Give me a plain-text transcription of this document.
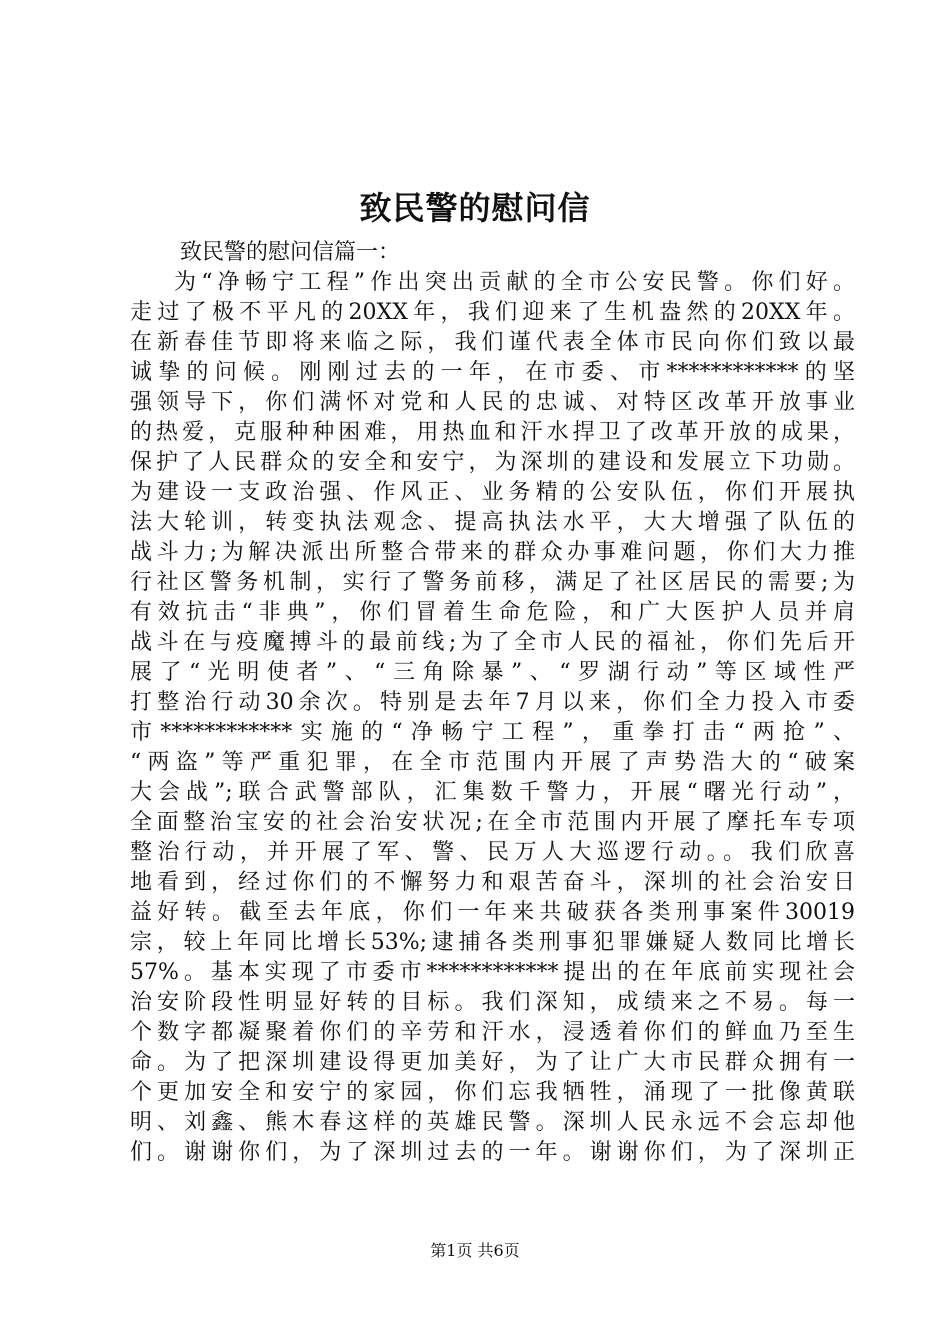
致民警的慰问信
致民警的慰问信篇一：
为“净畅宁工程”作出突出贡献的全市公安民警。你们好。
走过了极不平凡的20XX年，我们迎来了生机盎然的20XX年。
在新春佳节即将来临之际，我们谨代表全体市民向你们致以最
诚挚的问候。刚刚过去的一年，在市委、市************的坚
强领导下，你们满怀对党和人民的忠诚、对特区改革开放事业
的热爱，克服种种困难，用热血和汗水捍卫了改革开放的成果，
保护了人民群众的安全和安宁，为深圳的建设和发展立下功勋。
为建设一支政治强、作风正、业务精的公安队伍，你们开展执
法大轮训，转变执法观念、提高执法水平，大大增强了队伍的
战斗力;为解决派出所整合带来的群众办事难问题，你们大力推
行社区警务机制，实行了警务前移，满足了社区居民的需要;为
有效抗击“非典”，你们冒着生命危险，和广大医护人员并肩
战斗在与疫魔搏斗的最前线;为了全市人民的福祉，你们先后开
展了“光明使者”、“三角除暴”、“罗湖行动”等区域性严
打整治行动30余次。特别是去年7月以来，你们全力投入市委
市************实施的“净畅宁工程”，重拳打击“两抢”、
“两盗”等严重犯罪，在全市范围内开展了声势浩大的“破案
大会战”;联合武警部队，汇集数千警力，开展“曙光行动”，
全面整治宝安的社会治安状况;在全市范围内开展了摩托车专项
整治行动，并开展了军、警、民万人大巡逻行动。。我们欣喜
地看到，经过你们的不懈努力和艰苦奋斗，深圳的社会治安日
益好转。截至去年底，你们一年来共破获各类刑事案件30019
宗，较上年同比增长53%;逮捕各类刑事犯罪嫌疑人数同比增长
57%。基本实现了市委市************提出的在年底前实现社会
治安阶段性明显好转的目标。我们深知，成绩来之不易。每一
个数字都凝聚着你们的辛劳和汗水，浸透着你们的鲜血乃至生
命。为了把深圳建设得更加美好，为了让广大市民群众拥有一
个更加安全和安宁的家园，你们忘我牺牲，涌现了一批像黄联
明、刘鑫、熊木春这样的英雄民警。深圳人民永远不会忘却他
们。谢谢你们，为了深圳过去的一年。谢谢你们，为了深圳正
第1页 共6页
